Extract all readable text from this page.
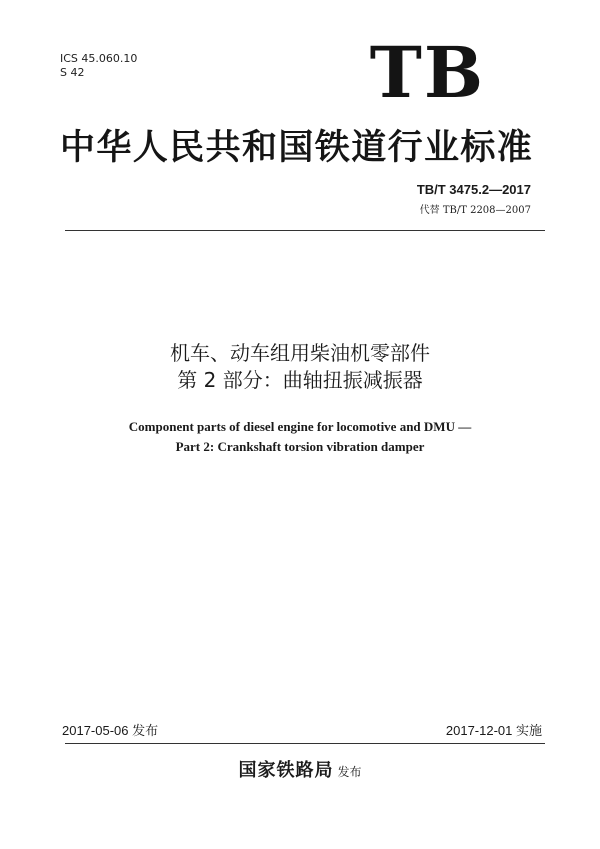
ICS 45.060.10
S 42	TB
中华人民共和国铁道行业标准
TB/T 3475.2—2017
代替 TB/T 2208—2007
机车、动车组用柴油机零部件
第 2 部分：曲轴扭振减振器
Component parts of diesel engine for locomotive and DMU —
Part 2: Crankshaft torsion vibration damper
2017-05-06 发布	2017-12-01 实施
国家铁路局 发布
